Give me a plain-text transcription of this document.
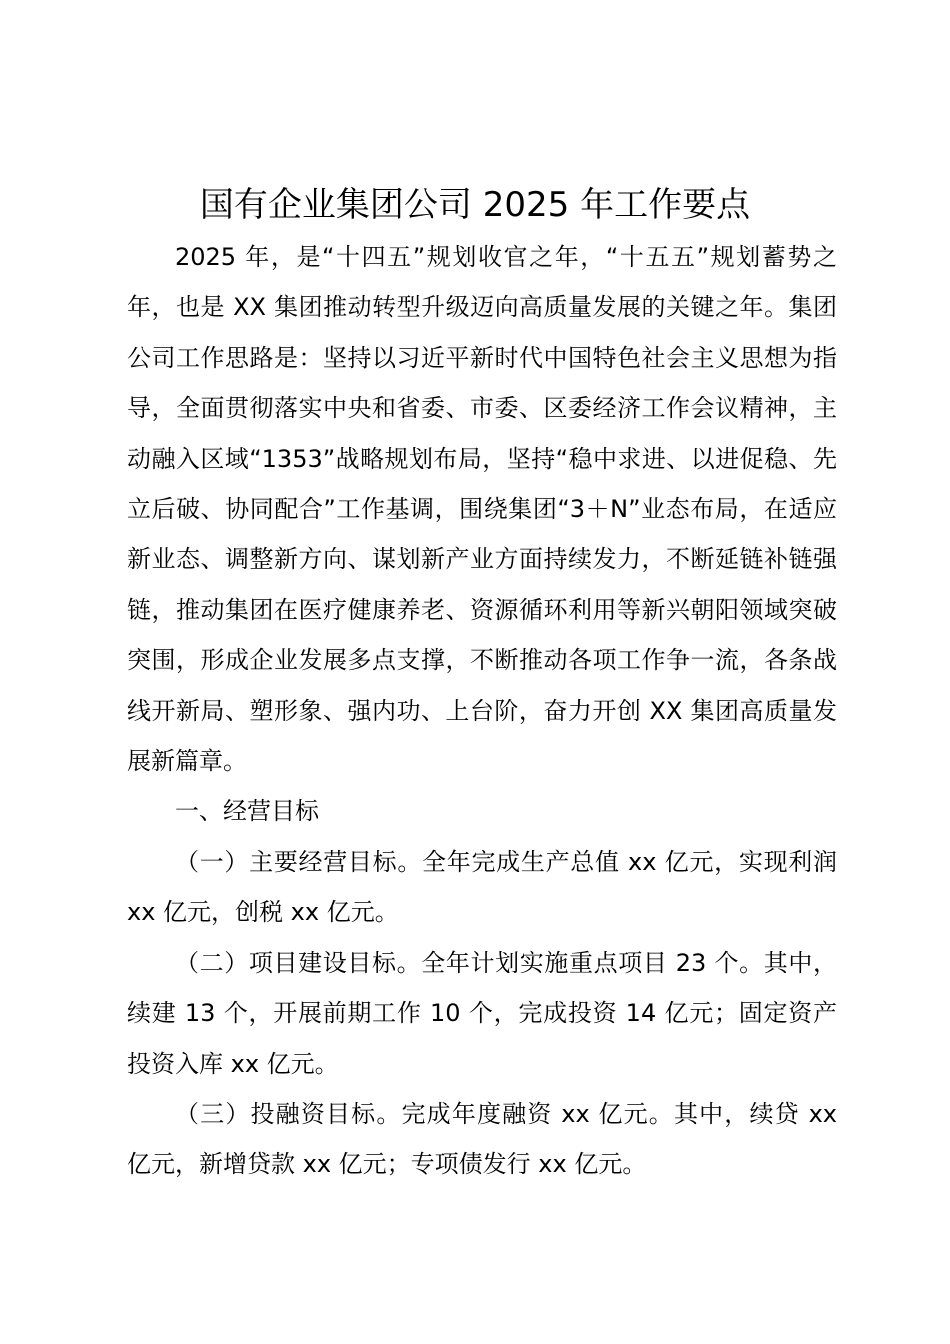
国有企业集团公司 2025 年工作要点

2025 年，是“十四五”规划收官之年，“十五五”规划蓄势之年，也是 XX 集团推动转型升级迈向高质量发展的关键之年。集团公司工作思路是：坚持以习近平新时代中国特色社会主义思想为指导，全面贯彻落实中央和省委、市委、区委经济工作会议精神，主动融入区域“1353”战略规划布局，坚持“稳中求进、以进促稳、先立后破、协同配合”工作基调，围绕集团“3＋N”业态布局，在适应新业态、调整新方向、谋划新产业方面持续发力，不断延链补链强链，推动集团在医疗健康养老、资源循环利用等新兴朝阳领域突破突围，形成企业发展多点支撑，不断推动各项工作争一流，各条战线开新局、塑形象、强内功、上台阶，奋力开创 XX 集团高质量发展新篇章。

一、经营目标

（一）主要经营目标。全年完成生产总值 xx 亿元，实现利润 xx 亿元，创税 xx 亿元。

（二）项目建设目标。全年计划实施重点项目 23 个。其中，续建 13 个，开展前期工作 10 个，完成投资 14 亿元；固定资产投资入库 xx 亿元。

（三）投融资目标。完成年度融资 xx 亿元。其中，续贷 xx 亿元，新增贷款 xx 亿元；专项债发行 xx 亿元。
